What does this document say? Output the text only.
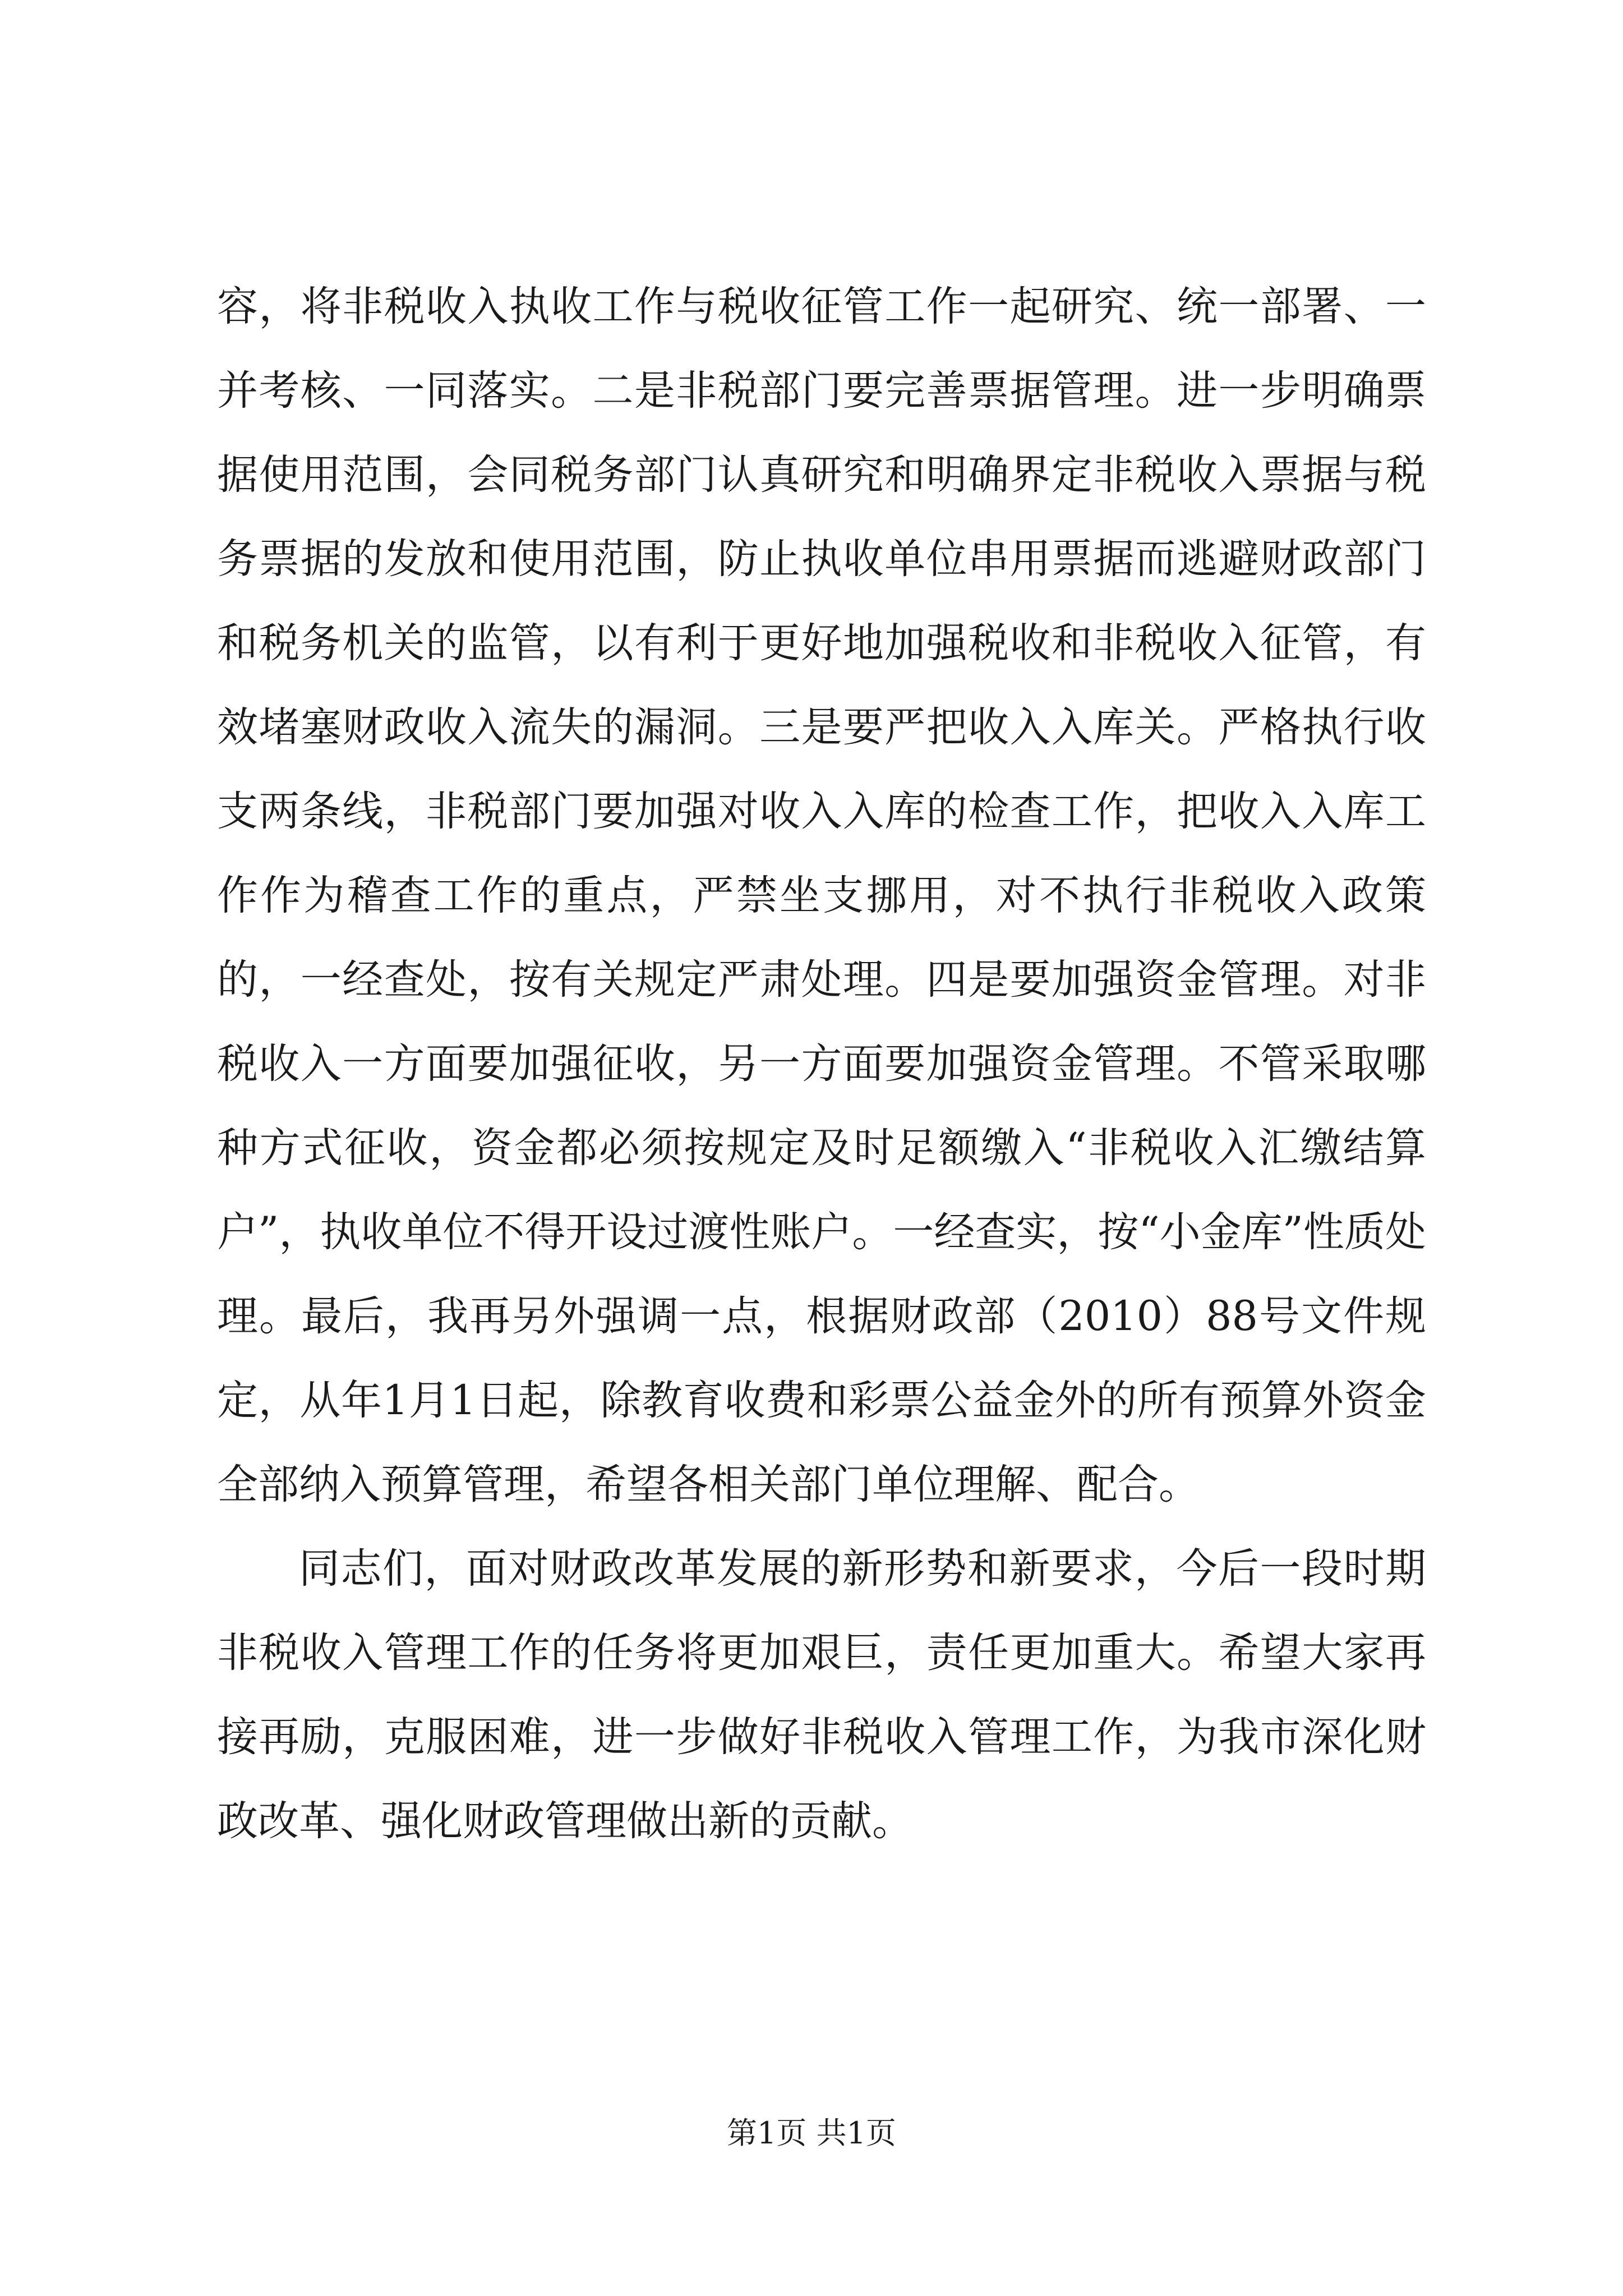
容，将非税收入执收工作与税收征管工作一起研究、统一部署、一并考核、一同落实。二是非税部门要完善票据管理。进一步明确票据使用范围，会同税务部门认真研究和明确界定非税收入票据与税务票据的发放和使用范围，防止执收单位串用票据而逃避财政部门和税务机关的监管，以有利于更好地加强税收和非税收入征管，有效堵塞财政收入流失的漏洞。三是要严把收入入库关。严格执行收支两条线，非税部门要加强对收入入库的检查工作，把收入入库工作作为稽查工作的重点，严禁坐支挪用，对不执行非税收入政策的，一经查处，按有关规定严肃处理。四是要加强资金管理。对非税收入一方面要加强征收，另一方面要加强资金管理。不管采取哪种方式征收，资金都必须按规定及时足额缴入“非税收入汇缴结算户”，执收单位不得开设过渡性账户。一经查实，按“小金库”性质处理。最后，我再另外强调一点，根据财政部（2010）88号文件规定，从年1月1日起，除教育收费和彩票公益金外的所有预算外资金全部纳入预算管理，希望各相关部门单位理解、配合。

同志们，面对财政改革发展的新形势和新要求，今后一段时期非税收入管理工作的任务将更加艰巨，责任更加重大。希望大家再接再励，克服困难，进一步做好非税收入管理工作，为我市深化财政改革、强化财政管理做出新的贡献。

第1页 共1页
